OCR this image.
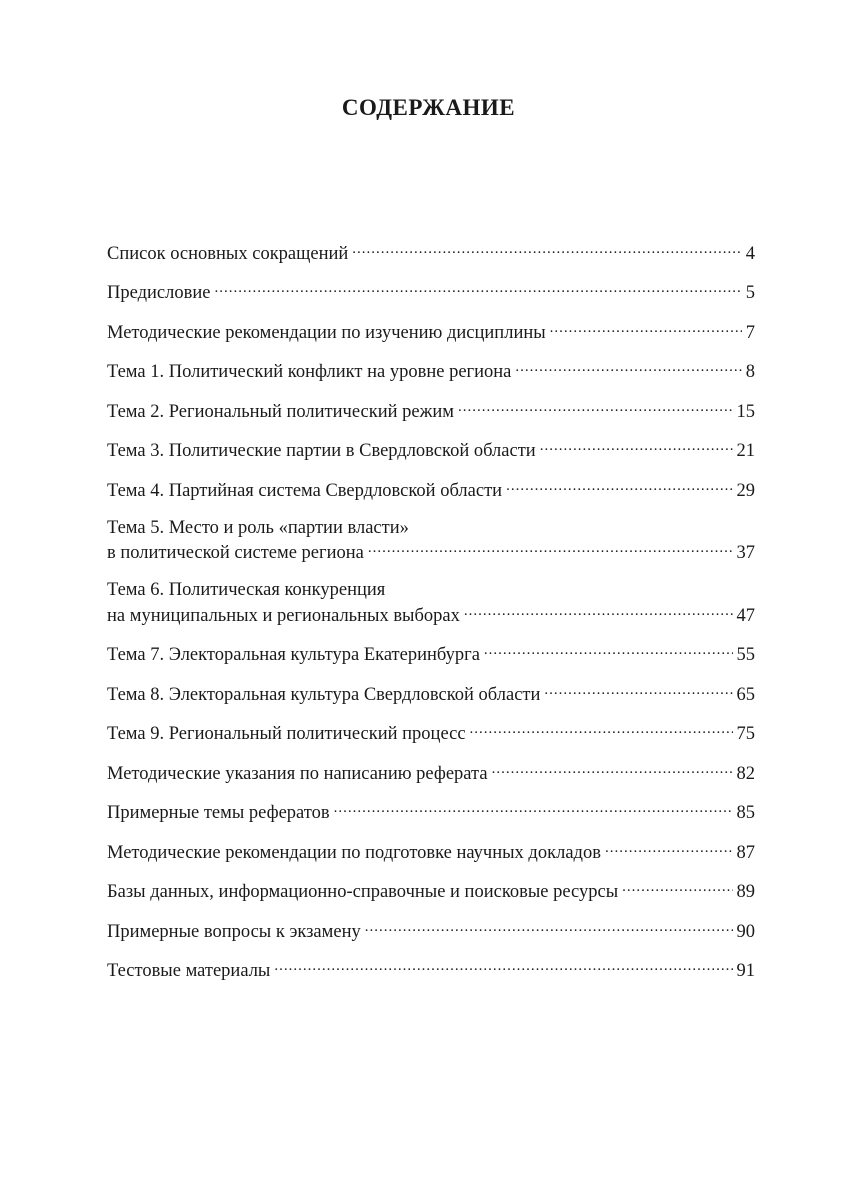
СОДЕРЖАНИЕ
Список основных сокращений .....	4
Предисловие .....	5
Методические рекомендации по изучению дисциплины .....	7
Тема 1. Политический конфликт на уровне региона .....	8
Тема 2. Региональный политический режим .....	15
Тема 3. Политические партии в Свердловской области .....	21
Тема 4. Партийная система Свердловской области .....	29
Тема 5. Место и роль «партии власти»
в политической системе региона .....	37
Тема 6. Политическая конкуренция
на муниципальных и региональных выборах .....	47
Тема 7. Электоральная культура Екатеринбурга .....	55
Тема 8. Электоральная культура Свердловской области .....	65
Тема 9. Региональный политический процесс .....	75
Методические указания по написанию реферата .....	82
Примерные темы рефератов .....	85
Методические рекомендации по подготовке научных докладов .....	87
Базы данных, информационно-справочные и поисковые ресурсы .....	89
Примерные вопросы к экзамену .....	90
Тестовые материалы .....	91
